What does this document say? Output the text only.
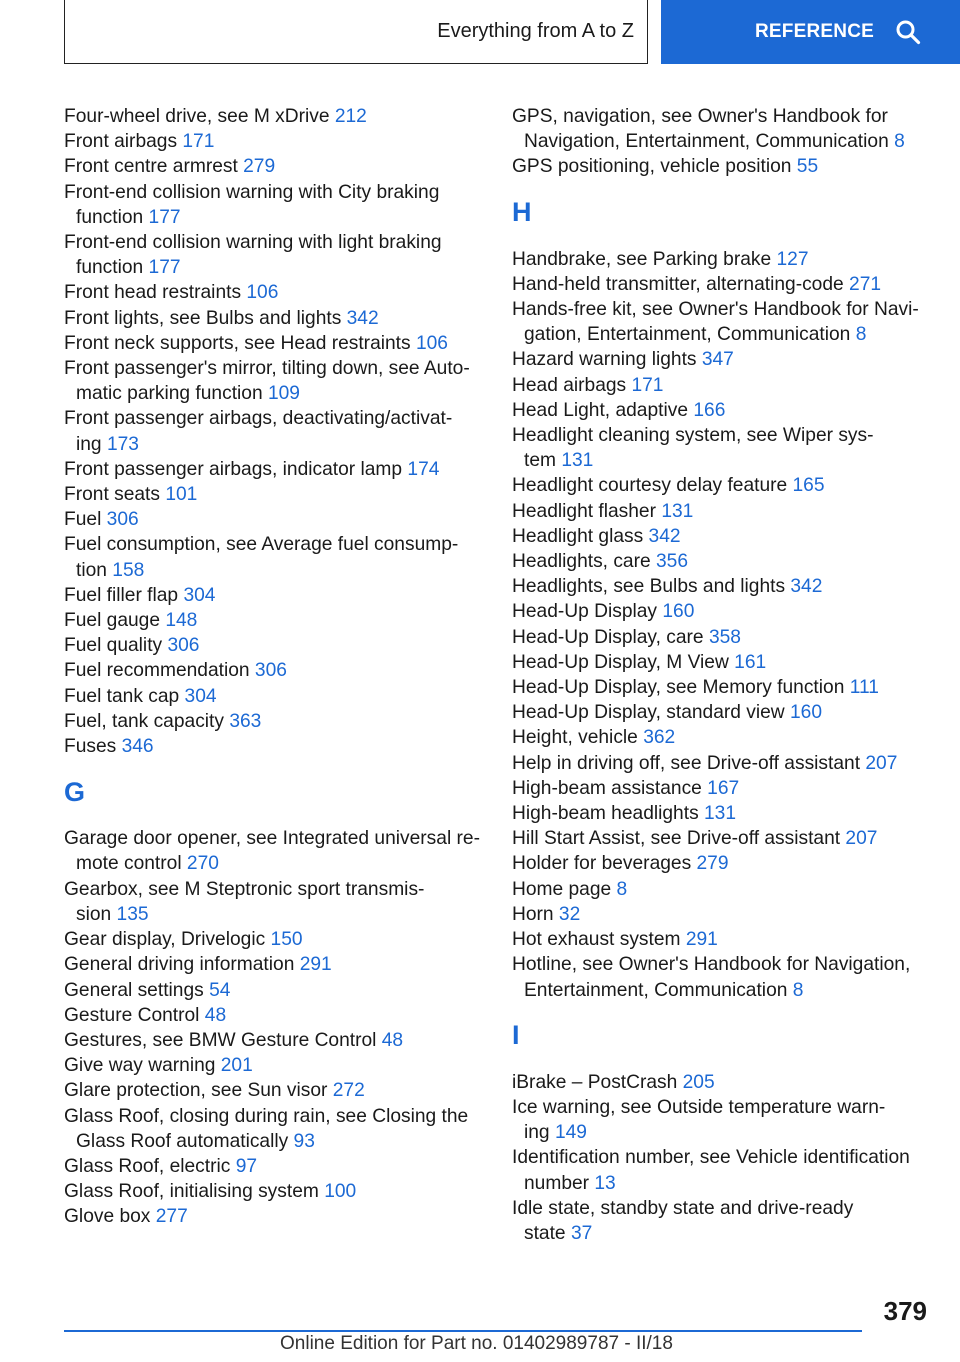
Everything from A to Z	REFERENCE
Four-wheel drive, see M xDrive 212
Front airbags 171
Front centre armrest 279
Front-end collision warning with City braking
function 177
Front-end collision warning with light braking
function 177
Front head restraints 106
Front lights, see Bulbs and lights 342
Front neck supports, see Head restraints 106
Front passenger's mirror, tilting down, see Auto-
matic parking function 109
Front passenger airbags, deactivating/activat-
ing 173
Front passenger airbags, indicator lamp 174
Front seats 101
Fuel 306
Fuel consumption, see Average fuel consump-
tion 158
Fuel filler flap 304
Fuel gauge 148
Fuel quality 306
Fuel recommendation 306
Fuel tank cap 304
Fuel, tank capacity 363
Fuses 346
G
Garage door opener, see Integrated universal re-
mote control 270
Gearbox, see M Steptronic sport transmis-
sion 135
Gear display, Drivelogic 150
General driving information 291
General settings 54
Gesture Control 48
Gestures, see BMW Gesture Control 48
Give way warning 201
Glare protection, see Sun visor 272
Glass Roof, closing during rain, see Closing the
Glass Roof automatically 93
Glass Roof, electric 97
Glass Roof, initialising system 100
Glove box 277
GPS, navigation, see Owner's Handbook for
Navigation, Entertainment, Communication 8
GPS positioning, vehicle position 55
H
Handbrake, see Parking brake 127
Hand-held transmitter, alternating-code 271
Hands-free kit, see Owner's Handbook for Navi-
gation, Entertainment, Communication 8
Hazard warning lights 347
Head airbags 171
Head Light, adaptive 166
Headlight cleaning system, see Wiper sys-
tem 131
Headlight courtesy delay feature 165
Headlight flasher 131
Headlight glass 342
Headlights, care 356
Headlights, see Bulbs and lights 342
Head-Up Display 160
Head-Up Display, care 358
Head-Up Display, M View 161
Head-Up Display, see Memory function 111
Head-Up Display, standard view 160
Height, vehicle 362
Help in driving off, see Drive-off assistant 207
High-beam assistance 167
High-beam headlights 131
Hill Start Assist, see Drive-off assistant 207
Holder for beverages 279
Home page 8
Horn 32
Hot exhaust system 291
Hotline, see Owner's Handbook for Navigation,
Entertainment, Communication 8
I
iBrake – PostCrash 205
Ice warning, see Outside temperature warn-
ing 149
Identification number, see Vehicle identification
number 13
Idle state, standby state and drive-ready
state 37
379
Online Edition for Part no. 01402989787 - II/18
